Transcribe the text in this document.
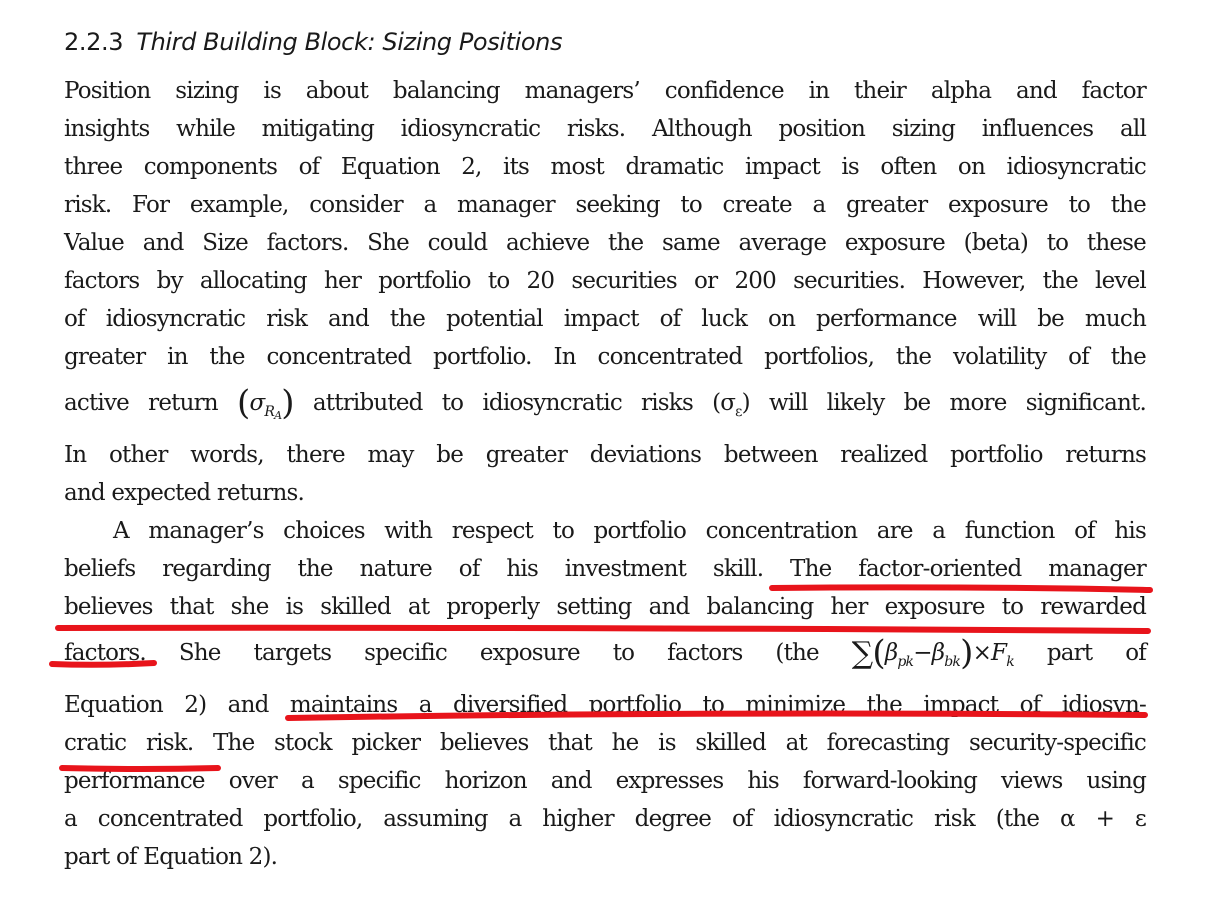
2.2.3 Third Building Block: Sizing Positions
Position sizing is about balancing managers’ confidence in their alpha and factor
insights while mitigating idiosyncratic risks. Although position sizing influences all
three components of Equation 2, its most dramatic impact is often on idiosyncratic
risk. For example, consider a manager seeking to create a greater exposure to the
Value and Size factors. She could achieve the same average exposure (beta) to these
factors by allocating her portfolio to 20 securities or 200 securities. However, the level
of idiosyncratic risk and the potential impact of luck on performance will be much
greater in the concentrated portfolio. In concentrated portfolios, the volatility of the
active return $(\sigma_{RA})$ attributed to idiosyncratic risks $(\sigma_\varepsilon)$ will likely be more significant.
In other words, there may be greater deviations between realized portfolio returns
and expected returns.
A manager’s choices with respect to portfolio concentration are a function of his
beliefs regarding the nature of his investment skill. The factor-oriented manager
believes that she is skilled at properly setting and balancing her exposure to rewarded
factors. She targets specific exposure to factors (the $\sum(\beta_{pk}-\beta_{bk})\times F_k$ part of
Equation 2) and maintains a diversified portfolio to minimize the impact of idiosyn-
cratic risk. The stock picker believes that he is skilled at forecasting security-specific
performance over a specific horizon and expresses his forward-looking views using
a concentrated portfolio, assuming a higher degree of idiosyncratic risk (the α + ε
part of Equation 2).
